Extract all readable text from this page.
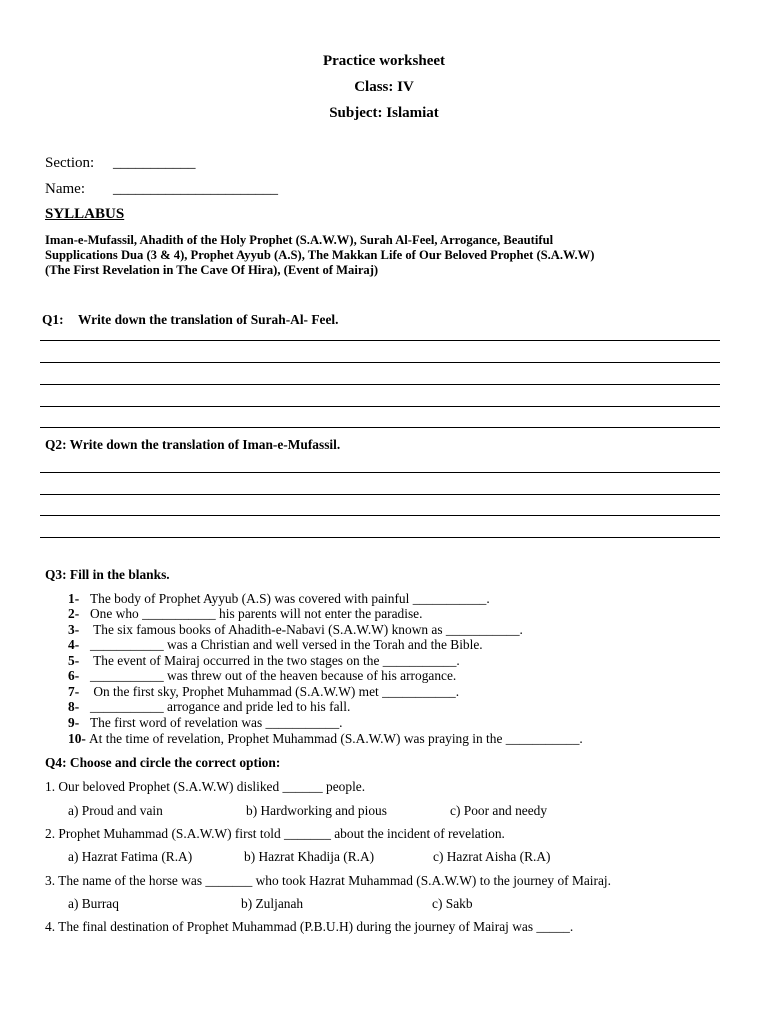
Practice worksheet
Class: IV
Subject: Islamiat
Section: ___________
Name: ______________________
SYLLABUS
Iman-e-Mufassil, Ahadith of the Holy Prophet (S.A.W.W), Surah Al-Feel, Arrogance, Beautiful
Supplications Dua (3 & 4), Prophet Ayyub (A.S), The Makkan Life of Our Beloved Prophet (S.A.W.W)
(The First Revelation in The Cave Of Hira), (Event of Mairaj)
Q1: Write down the translation of Surah-Al- Feel.
Q2: Write down the translation of Iman-e-Mufassil.
Q3: Fill in the blanks.
1- The body of Prophet Ayyub (A.S) was covered with painful ___________.
2- One who ___________ his parents will not enter the paradise.
3- The six famous books of Ahadith-e-Nabavi (S.A.W.W) known as ___________.
4- ___________ was a Christian and well versed in the Torah and the Bible.
5- The event of Mairaj occurred in the two stages on the ___________.
6- ___________ was threw out of the heaven because of his arrogance.
7- On the first sky, Prophet Muhammad (S.A.W.W) met ___________.
8- ___________ arrogance and pride led to his fall.
9- The first word of revelation was ___________.
10- At the time of revelation, Prophet Muhammad (S.A.W.W) was praying in the ___________.
Q4: Choose and circle the correct option:
1. Our beloved Prophet (S.A.W.W) disliked ______ people.
a) Proud and vain	b) Hardworking and pious	c) Poor and needy
2. Prophet Muhammad (S.A.W.W) first told _______ about the incident of revelation.
a) Hazrat Fatima (R.A)	b) Hazrat Khadija (R.A)	c) Hazrat Aisha (R.A)
3. The name of the horse was _______ who took Hazrat Muhammad (S.A.W.W) to the journey of Mairaj.
a) Burraq	b) Zuljanah	c) Sakb
4. The final destination of Prophet Muhammad (P.B.U.H) during the journey of Mairaj was _____.
